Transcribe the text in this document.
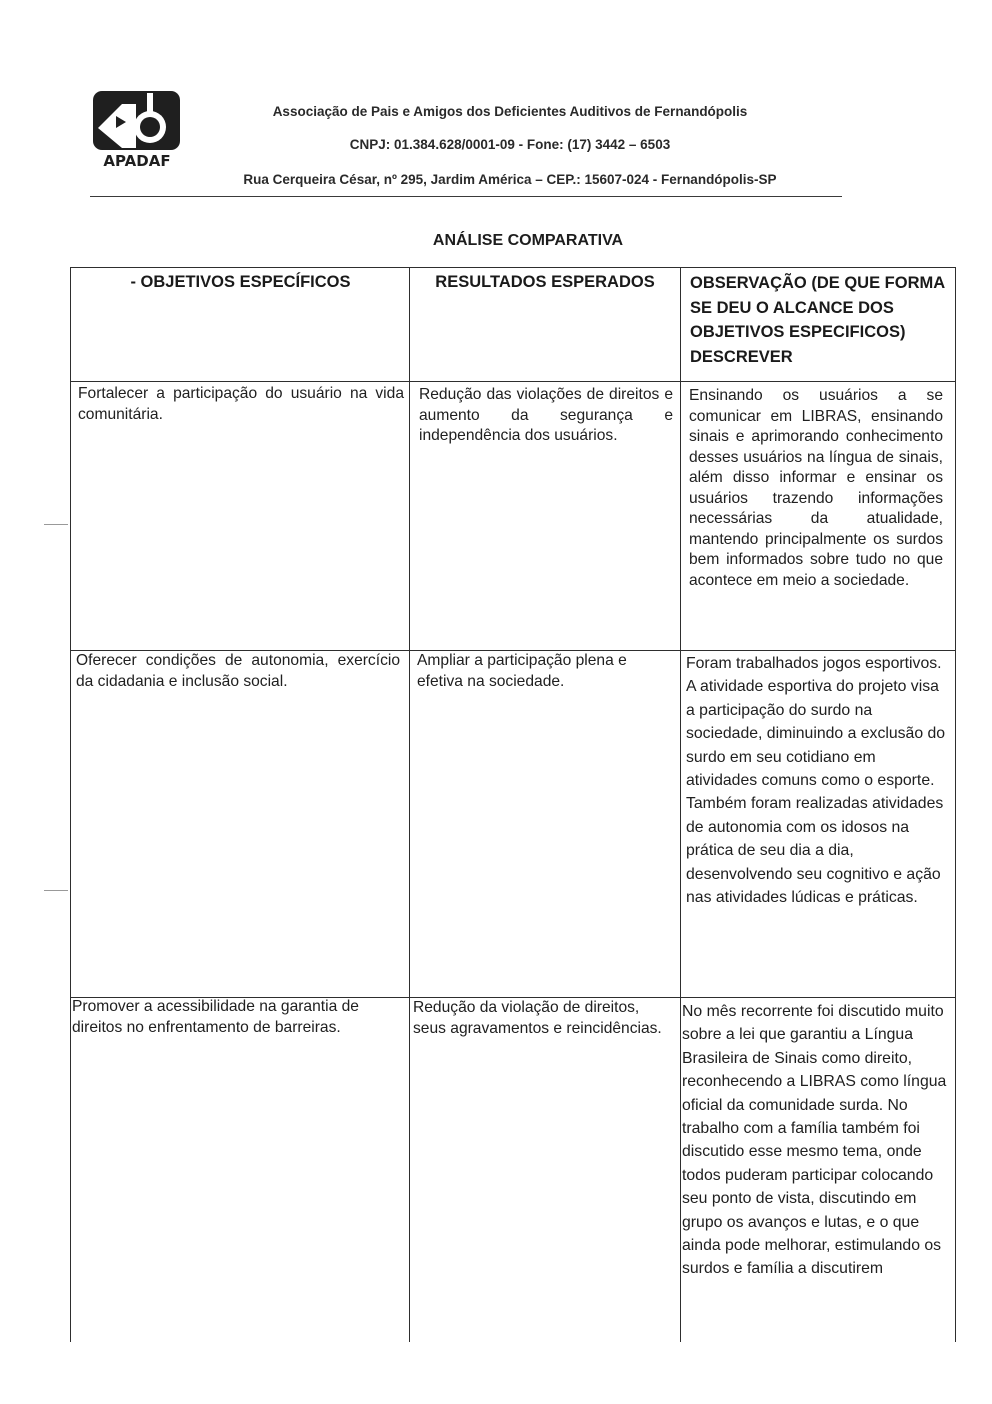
APADAF
Associação de Pais e Amigos dos Deficientes Auditivos de Fernandópolis
CNPJ: 01.384.628/0001-09 - Fone: (17) 3442 – 6503
Rua Cerqueira César, nº 295, Jardim América – CEP.: 15607-024 - Fernandópolis-SP
ANÁLISE COMPARATIVA
- OBJETIVOS ESPECÍFICOS	RESULTADOS ESPERADOS	OBSERVAÇÃO (DE QUE FORMA SE DEU O ALCANCE DOS OBJETIVOS ESPECIFICOS) DESCREVER
Fortalecer a participação do usuário na vida comunitária.
Redução das violações de direitos e aumento da segurança e independência dos usuários.
Ensinando os usuários a se comunicar em LIBRAS, ensinando sinais e aprimorando conhecimento desses usuários na língua de sinais, além disso informar e ensinar os usuários trazendo informações necessárias da atualidade, mantendo principalmente os surdos bem informados sobre tudo no que acontece em meio a sociedade.
Oferecer condições de autonomia, exercício da cidadania e inclusão social.
Ampliar a participação plena e efetiva na sociedade.
Foram trabalhados jogos esportivos. A atividade esportiva do projeto visa a participação do surdo na sociedade, diminuindo a exclusão do surdo em seu cotidiano em atividades comuns como o esporte. Também foram realizadas atividades de autonomia com os idosos na prática de seu dia a dia, desenvolvendo seu cognitivo e ação nas atividades lúdicas e práticas.
Promover a acessibilidade na garantia de direitos no enfrentamento de barreiras.
Redução da violação de direitos, seus agravamentos e reincidências.
No mês recorrente foi discutido muito sobre a lei que garantiu a Língua Brasileira de Sinais como direito, reconhecendo a LIBRAS como língua oficial da comunidade surda. No trabalho com a família também foi discutido esse mesmo tema, onde todos puderam participar colocando seu ponto de vista, discutindo em grupo os avanços e lutas, e o que ainda pode melhorar, estimulando os surdos e família a discutirem
